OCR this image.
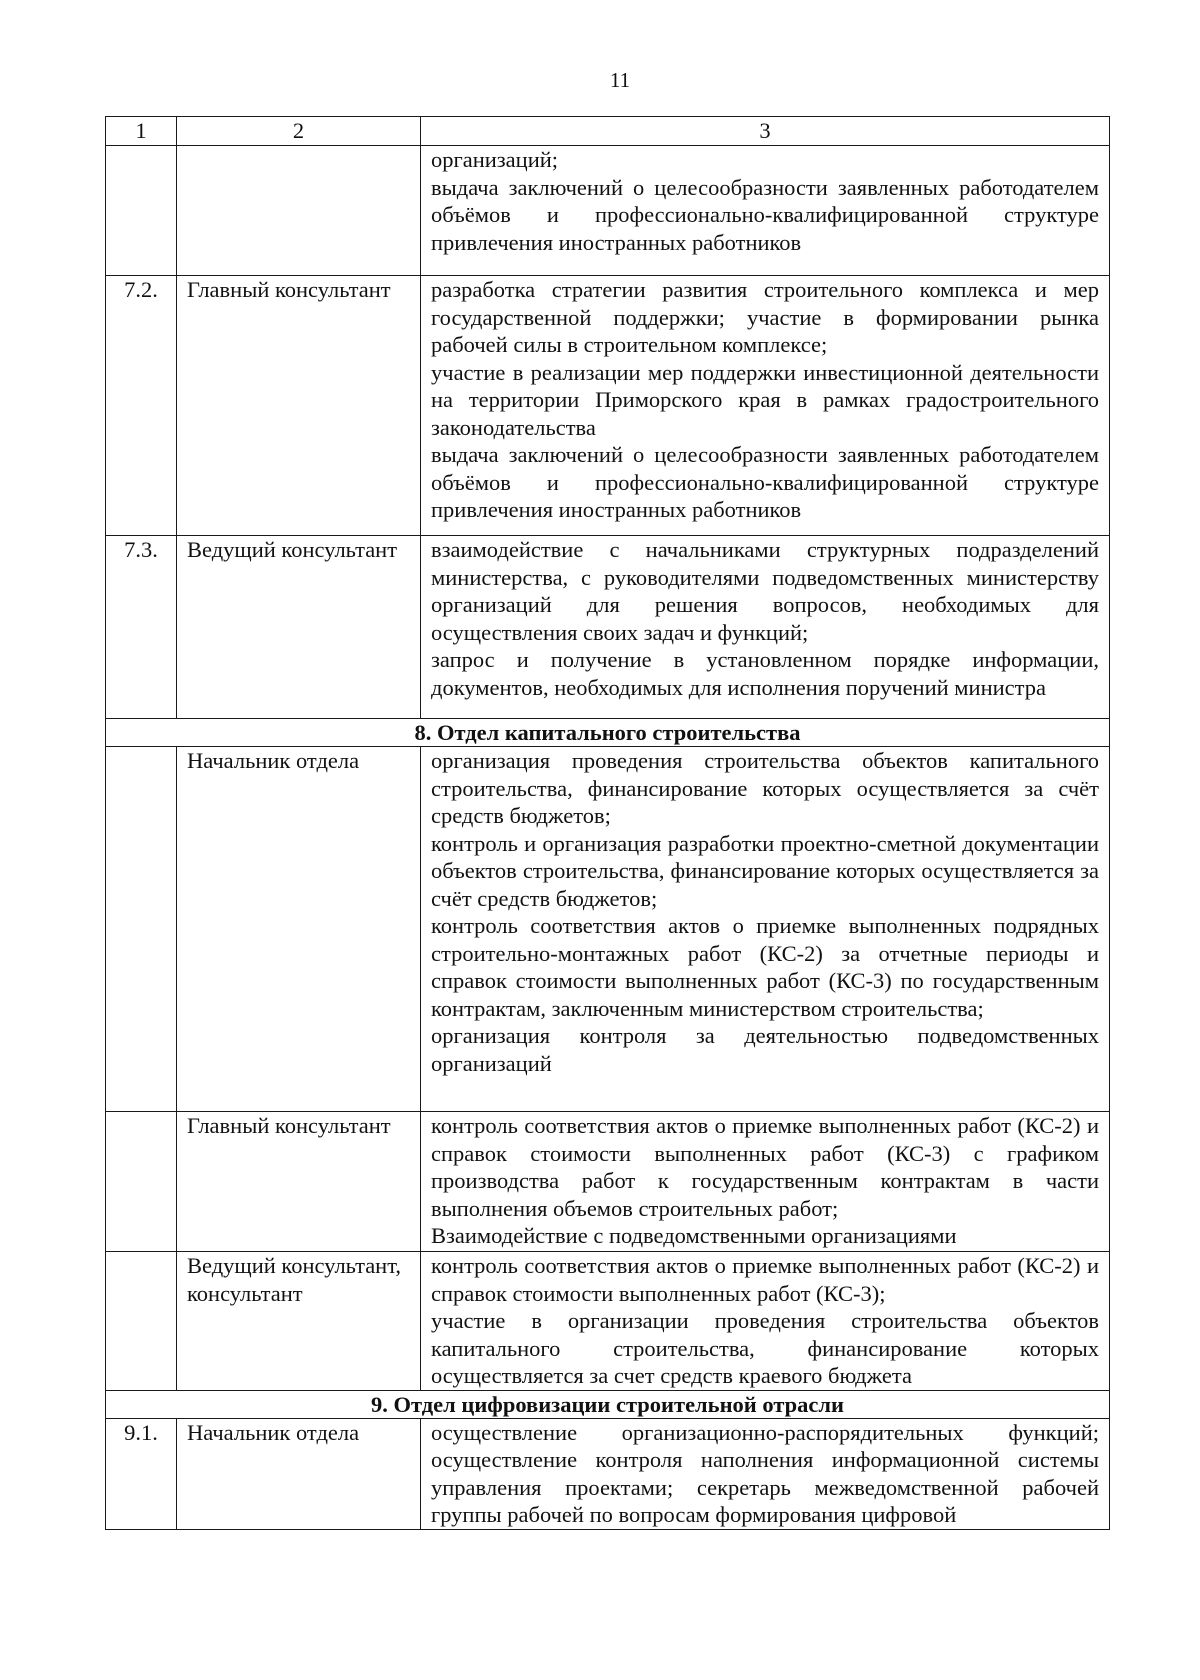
11
1	2	3

		организаций;

выдача заключений о целесообразности заявленных работодателем объёмов и профессионально-квалифицированной структуре привлечения иностранных работников

7.2.	Главный консультант	разработка стратегии развития строительного комплекса и мер государственной поддержки; участие в формировании рынка рабочей силы в строительном комплексе;

участие в реализации мер поддержки инвестиционной деятельности на территории Приморского края в рамках градостроительного законодательства

выдача заключений о целесообразности заявленных работодателем объёмов и профессионально-квалифицированной структуре привлечения иностранных работников

7.3.	Ведущий консультант	взаимодействие с начальниками структурных подразделений министерства, с руководителями подведомственных министерству организаций для решения вопросов, необходимых для осуществления своих задач и функций;

запрос и получение в установленном порядке информации, документов, необходимых для исполнения поручений министра

8. Отдел капитального строительства		
	Начальник отдела	организация проведения строительства объектов капитального строительства, финансирование которых осуществляется за счёт средств бюджетов;

контроль и организация разработки проектно-сметной документации объектов строительства, финансирование которых осуществляется за счёт средств бюджетов;

контроль соответствия актов о приемке выполненных подрядных строительно-монтажных работ (КС-2) за отчетные периоды и справок стоимости выполненных работ (КС-3) по государственным контрактам, заключенным министерством строительства;

организация контроля за деятельностью подведомственных организаций

	Главный консультант	контроль соответствия актов о приемке выполненных работ (КС-2) и справок стоимости выполненных работ (КС-3) с графиком производства работ к государственным контрактам в части выполнения объемов строительных работ;

Взаимодействие с подведомственными организациями

	Ведущий консультант, консультант	контроль соответствия актов о приемке выполненных работ (КС-2) и справок стоимости выполненных работ (КС-3);

участие в организации проведения строительства объектов капитального строительства, финансирование которых осуществляется за счет средств краевого бюджета

9. Отдел цифровизации строительной отрасли		
9.1.	Начальник отдела	осуществление организационно-распорядительных функций; осуществление контроля наполнения информационной системы управления проектами; секретарь межведомственной рабочей группы рабочей по вопросам формирования цифровой
